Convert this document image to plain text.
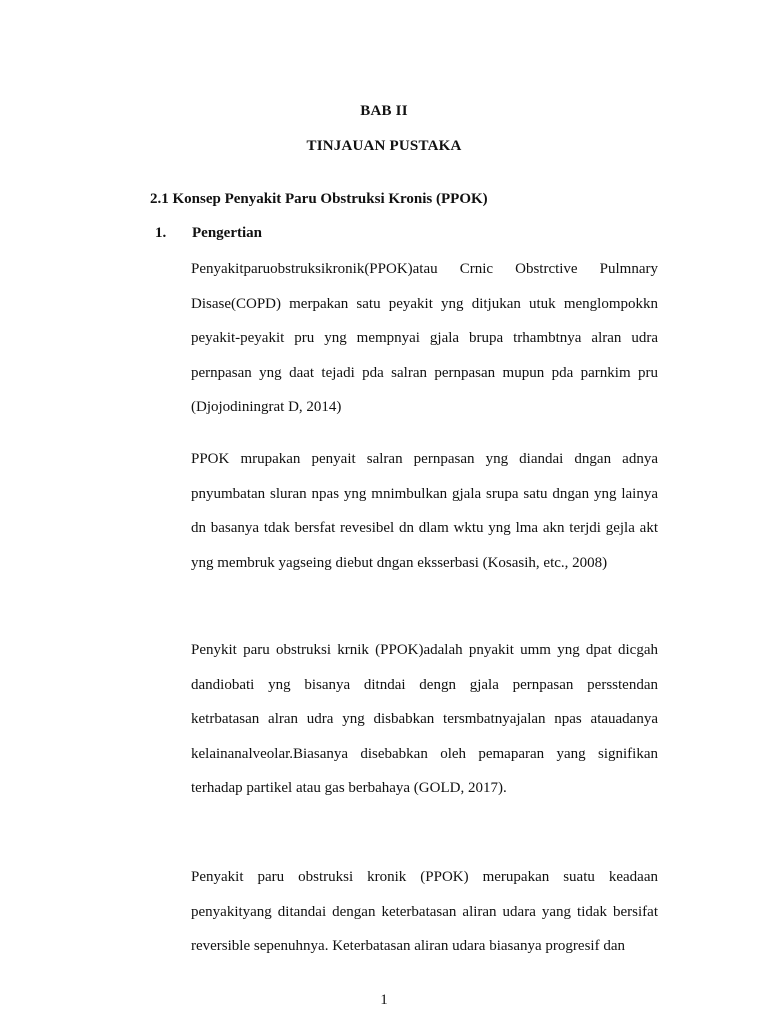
BAB II
TINJAUAN PUSTAKA
2.1 Konsep Penyakit Paru Obstruksi Kronis (PPOK)
1. Pengertian
Penyakitparuobstruksikronik(PPOK)atau Crnic Obstrctive Pulmnary Disase(COPD) merpakan satu peyakit yng ditjukan utuk menglompokkn peyakit-peyakit pru yng mempnyai gjala brupa trhambtnya alran udra pernpasan yng daat tejadi pda salran pernpasan mupun pda parnkim pru (Djojodiningrat D, 2014)
PPOK mrupakan penyait salran pernpasan yng diandai dngan adnya pnyumbatan sluran npas yng mnimbulkan gjala srupa satu dngan yng lainya dn basanya tdak bersfat revesibel dn dlam wktu yng lma akn terjdi gejla akt yng membruk yagseing diebut dngan eksserbasi (Kosasih, etc., 2008)
Penykit paru obstruksi krnik (PPOK)adalah pnyakit umm yng dpat dicgah dandiobati yng bisanya ditndai dengn gjala pernpasan persstendan ketrbatasan alran udra yng disbabkan tersmbatnyajalan npas atauadanya kelainanalveolar.Biasanya disebabkan oleh pemaparan yang signifikan terhadap partikel atau gas berbahaya (GOLD, 2017).
Penyakit paru obstruksi kronik (PPOK) merupakan suatu keadaan penyakityang ditandai dengan keterbatasan aliran udara yang tidak bersifat reversible sepenuhnya. Keterbatasan aliran udara biasanya progresif dan
1
